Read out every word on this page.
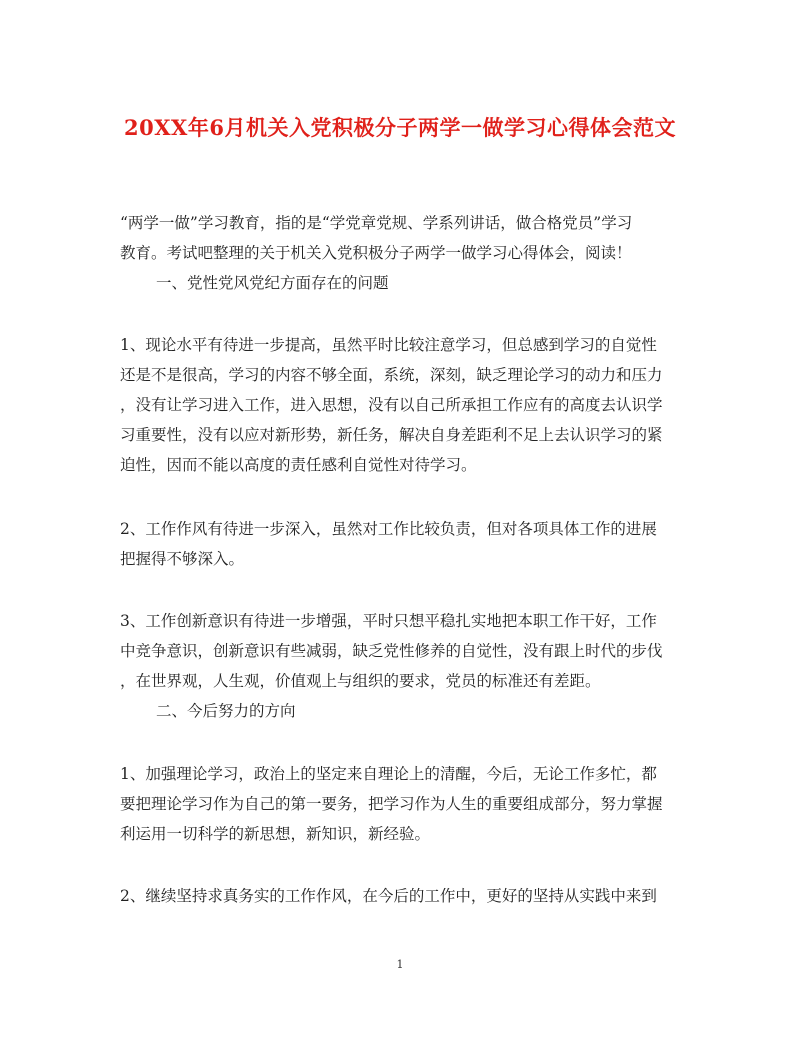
20XX年6月机关入党积极分子两学一做学习心得体会范文
“两学一做”学习教育，指的是“学党章党规、学系列讲话，做合格党员”学习
教育。考试吧整理的关于机关入党积极分子两学一做学习心得体会，阅读！
一、党性党风党纪方面存在的问题
1、现论水平有待进一步提高，虽然平时比较注意学习，但总感到学习的自觉性
还是不是很高，学习的内容不够全面，系统，深刻，缺乏理论学习的动力和压力
，没有让学习进入工作，进入思想，没有以自己所承担工作应有的高度去认识学
习重要性，没有以应对新形势，新任务，解决自身差距利不足上去认识学习的紧
迫性，因而不能以高度的责任感利自觉性对待学习。
2、工作作风有待进一步深入，虽然对工作比较负责，但对各项具体工作的进展
把握得不够深入。
3、工作创新意识有待进一步增强，平时只想平稳扎实地把本职工作干好，工作
中竞争意识，创新意识有些减弱，缺乏党性修养的自觉性，没有跟上时代的步伐
，在世界观，人生观，价值观上与组织的要求，党员的标准还有差距。
二、今后努力的方向
1、加强理论学习，政治上的坚定来自理论上的清醒，今后，无论工作多忙，都
要把理论学习作为自己的第一要务，把学习作为人生的重要组成部分，努力掌握
利运用一切科学的新思想，新知识，新经验。
2、继续坚持求真务实的工作作风，在今后的工作中，更好的坚持从实践中来到
1
